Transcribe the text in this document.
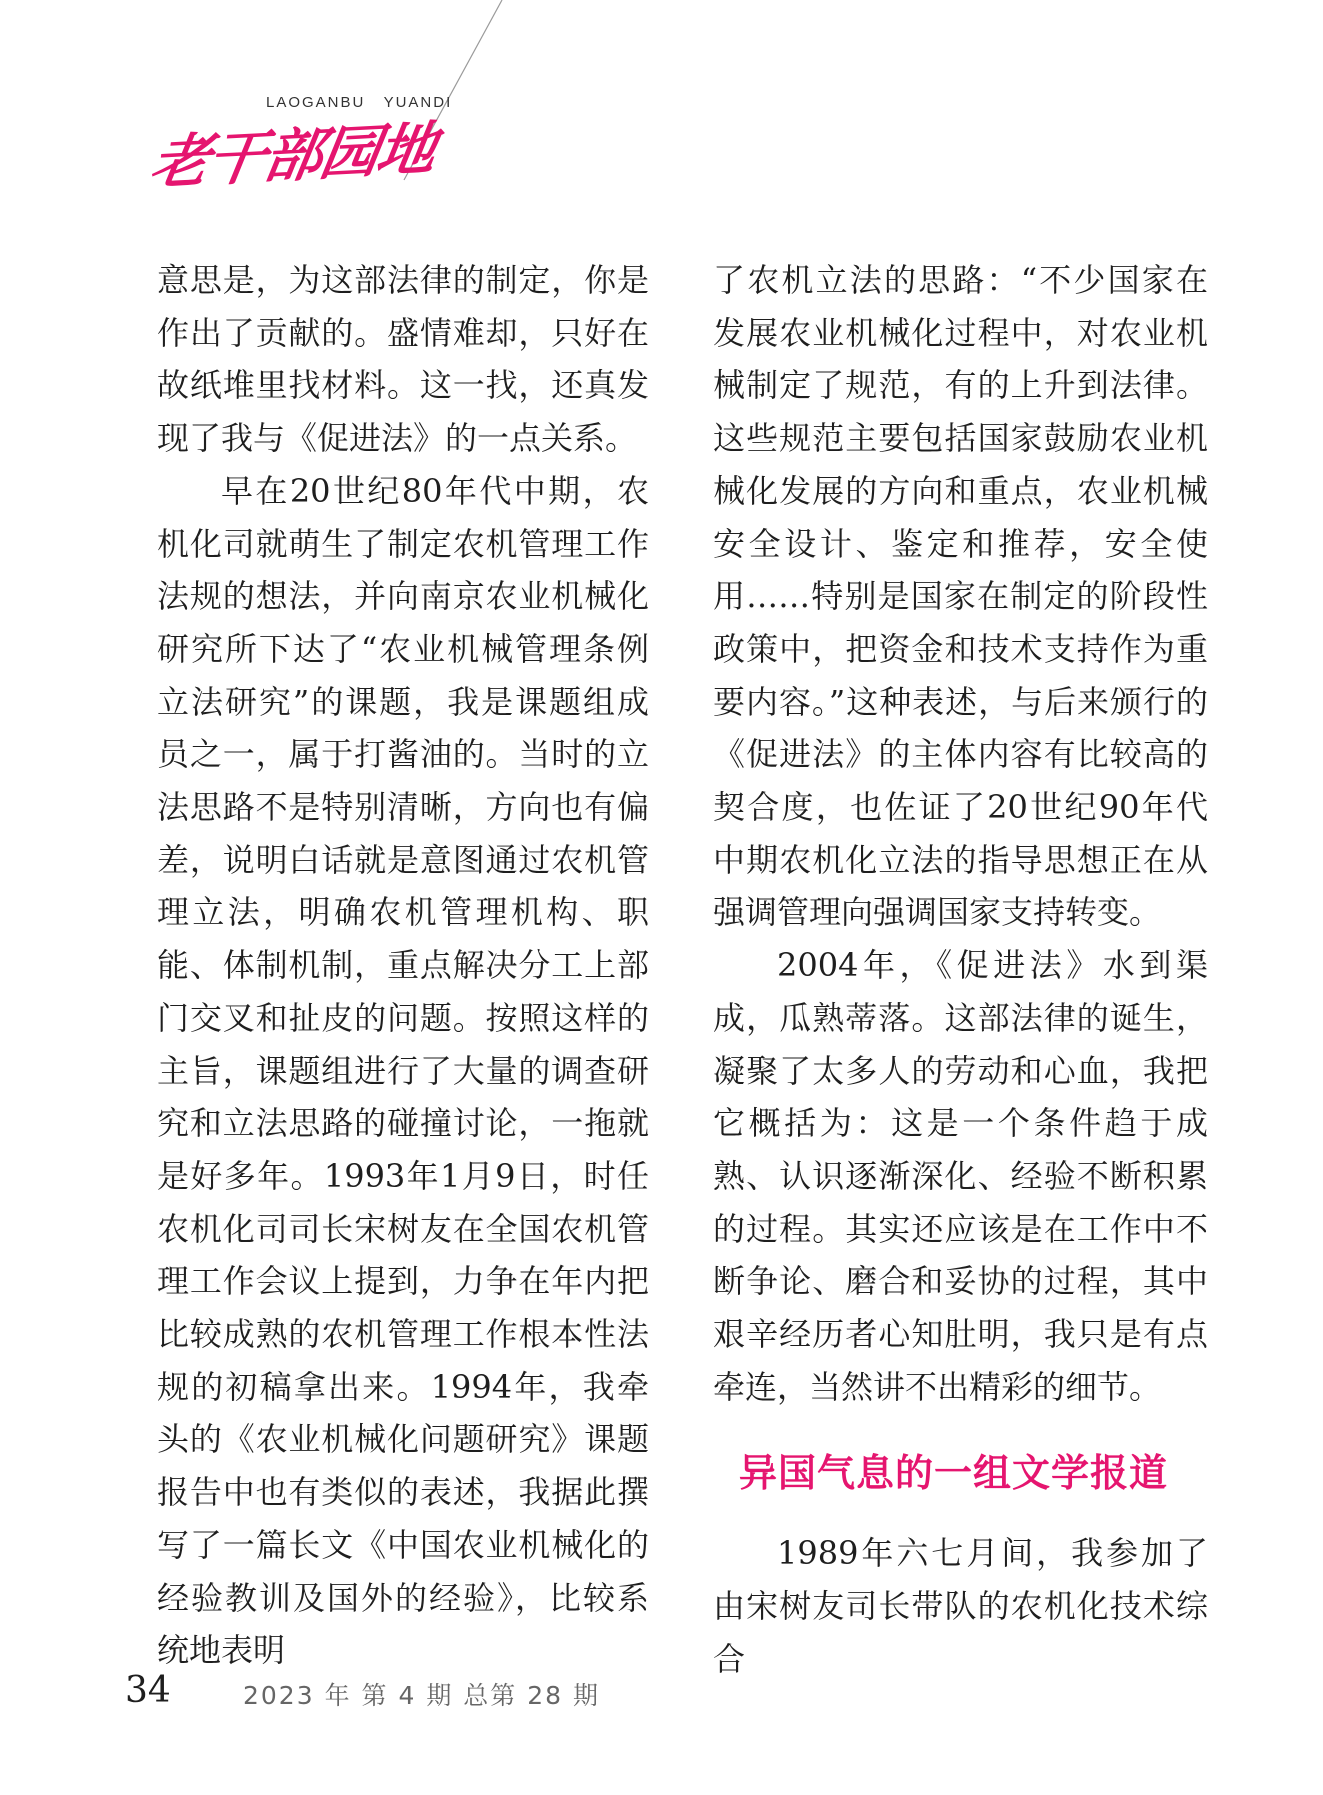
LAOGANBU   YUANDI
老干部园地

意思是，为这部法律的制定，你是作出了贡献的。盛情难却，只好在故纸堆里找材料。这一找，还真发现了我与《促进法》的一点关系。

早在20世纪80年代中期，农机化司就萌生了制定农机管理工作法规的想法，并向南京农业机械化研究所下达了“农业机械管理条例立法研究”的课题，我是课题组成员之一，属于打酱油的。当时的立法思路不是特别清晰，方向也有偏差，说明白话就是意图通过农机管理立法，明确农机管理机构、职能、体制机制，重点解决分工上部门交叉和扯皮的问题。按照这样的主旨，课题组进行了大量的调查研究和立法思路的碰撞讨论，一拖就是好多年。1993年1月9日，时任农机化司司长宋树友在全国农机管理工作会议上提到，力争在年内把比较成熟的农机管理工作根本性法规的初稿拿出来。1994年，我牵头的《农业机械化问题研究》课题报告中也有类似的表述，我据此撰写了一篇长文《中国农业机械化的经验教训及国外的经验》，比较系统地表明

了农机立法的思路：“不少国家在发展农业机械化过程中，对农业机械制定了规范，有的上升到法律。这些规范主要包括国家鼓励农业机械化发展的方向和重点，农业机械安全设计、鉴定和推荐，安全使用……特别是国家在制定的阶段性政策中，把资金和技术支持作为重要内容。”这种表述，与后来颁行的《促进法》的主体内容有比较高的契合度，也佐证了20世纪90年代中期农机化立法的指导思想正在从强调管理向强调国家支持转变。

2004年，《促进法》水到渠成，瓜熟蒂落。这部法律的诞生，凝聚了太多人的劳动和心血，我把它概括为：这是一个条件趋于成熟、认识逐渐深化、经验不断积累的过程。其实还应该是在工作中不断争论、磨合和妥协的过程，其中艰辛经历者心知肚明，我只是有点牵连，当然讲不出精彩的细节。

异国气息的一组文学报道

1989年六七月间，我参加了由宋树友司长带队的农机化技术综合

34	2023 年 第 4 期 总第 28 期
